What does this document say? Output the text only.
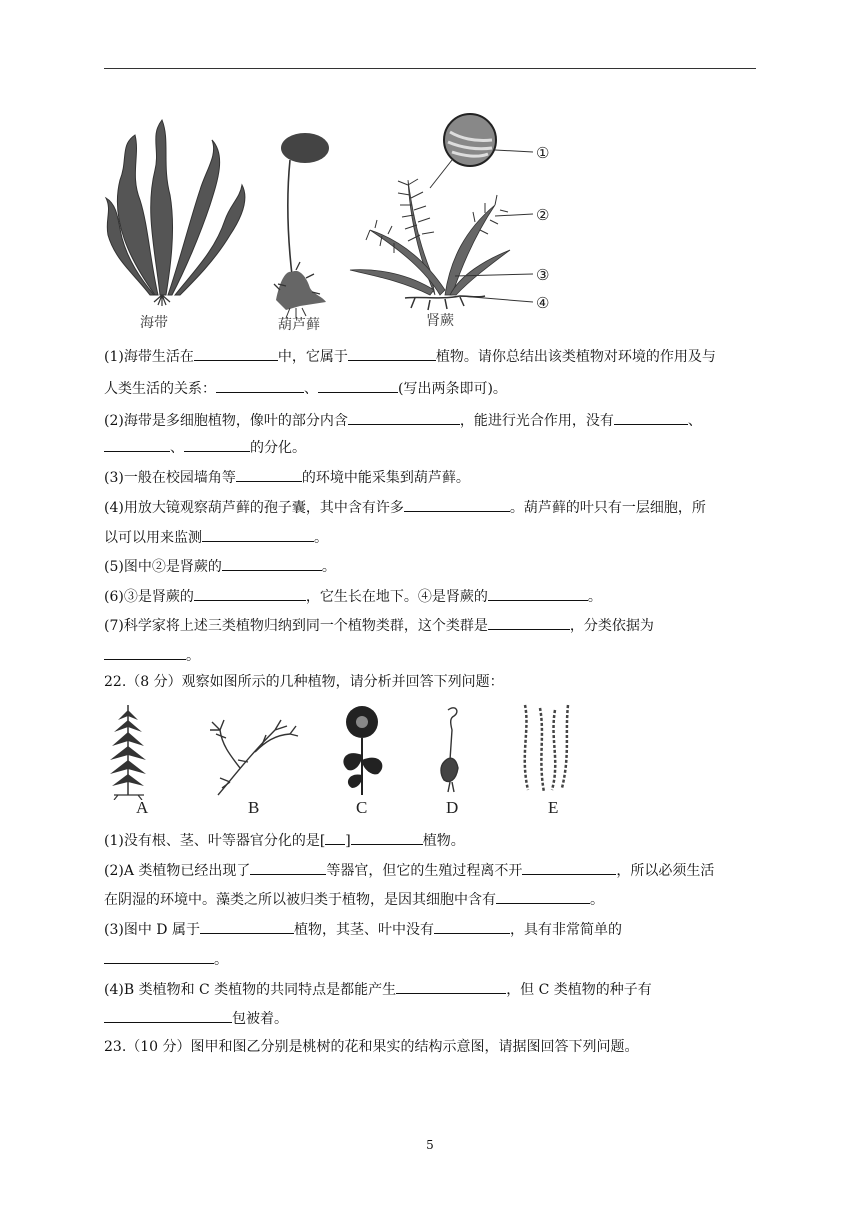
①
②
③
④
海带	葫芦藓	肾蕨
(1)海带生活在	中，它属于	植物。请你总结出该类植物对环境的作用及与
人类生活的关系：	、	(写出两条即可)。
(2)海带是多细胞植物，像叶的部分内含	，能进行光合作用，没有	、
、	的分化。
(3)一般在校园墙角等	的环境中能采集到葫芦藓。
(4)用放大镜观察葫芦藓的孢子囊，其中含有许多	。葫芦藓的叶只有一层细胞，所
以可以用来监测	。
(5)图中②是肾蕨的	。
(6)③是肾蕨的	，它生长在地下。④是肾蕨的	。
(7)科学家将上述三类植物归纳到同一个植物类群，这个类群是	，分类依据为
。
22.（8 分）观察如图所示的几种植物，请分析并回答下列问题：
A	B	C	D	E
(1)没有根、茎、叶等器官分化的是[ ]	植物。
(2)A 类植物已经出现了	等器官，但它的生殖过程离不开	，所以必须生活
在阴湿的环境中。藻类之所以被归类于植物，是因其细胞中含有	。
(3)图中 D 属于	植物，其茎、叶中没有	，具有非常简单的
。
(4)B 类植物和 C 类植物的共同特点是都能产生	，但 C 类植物的种子有
包被着。
23.（10 分）图甲和图乙分别是桃树的花和果实的结构示意图，请据图回答下列问题。
5
